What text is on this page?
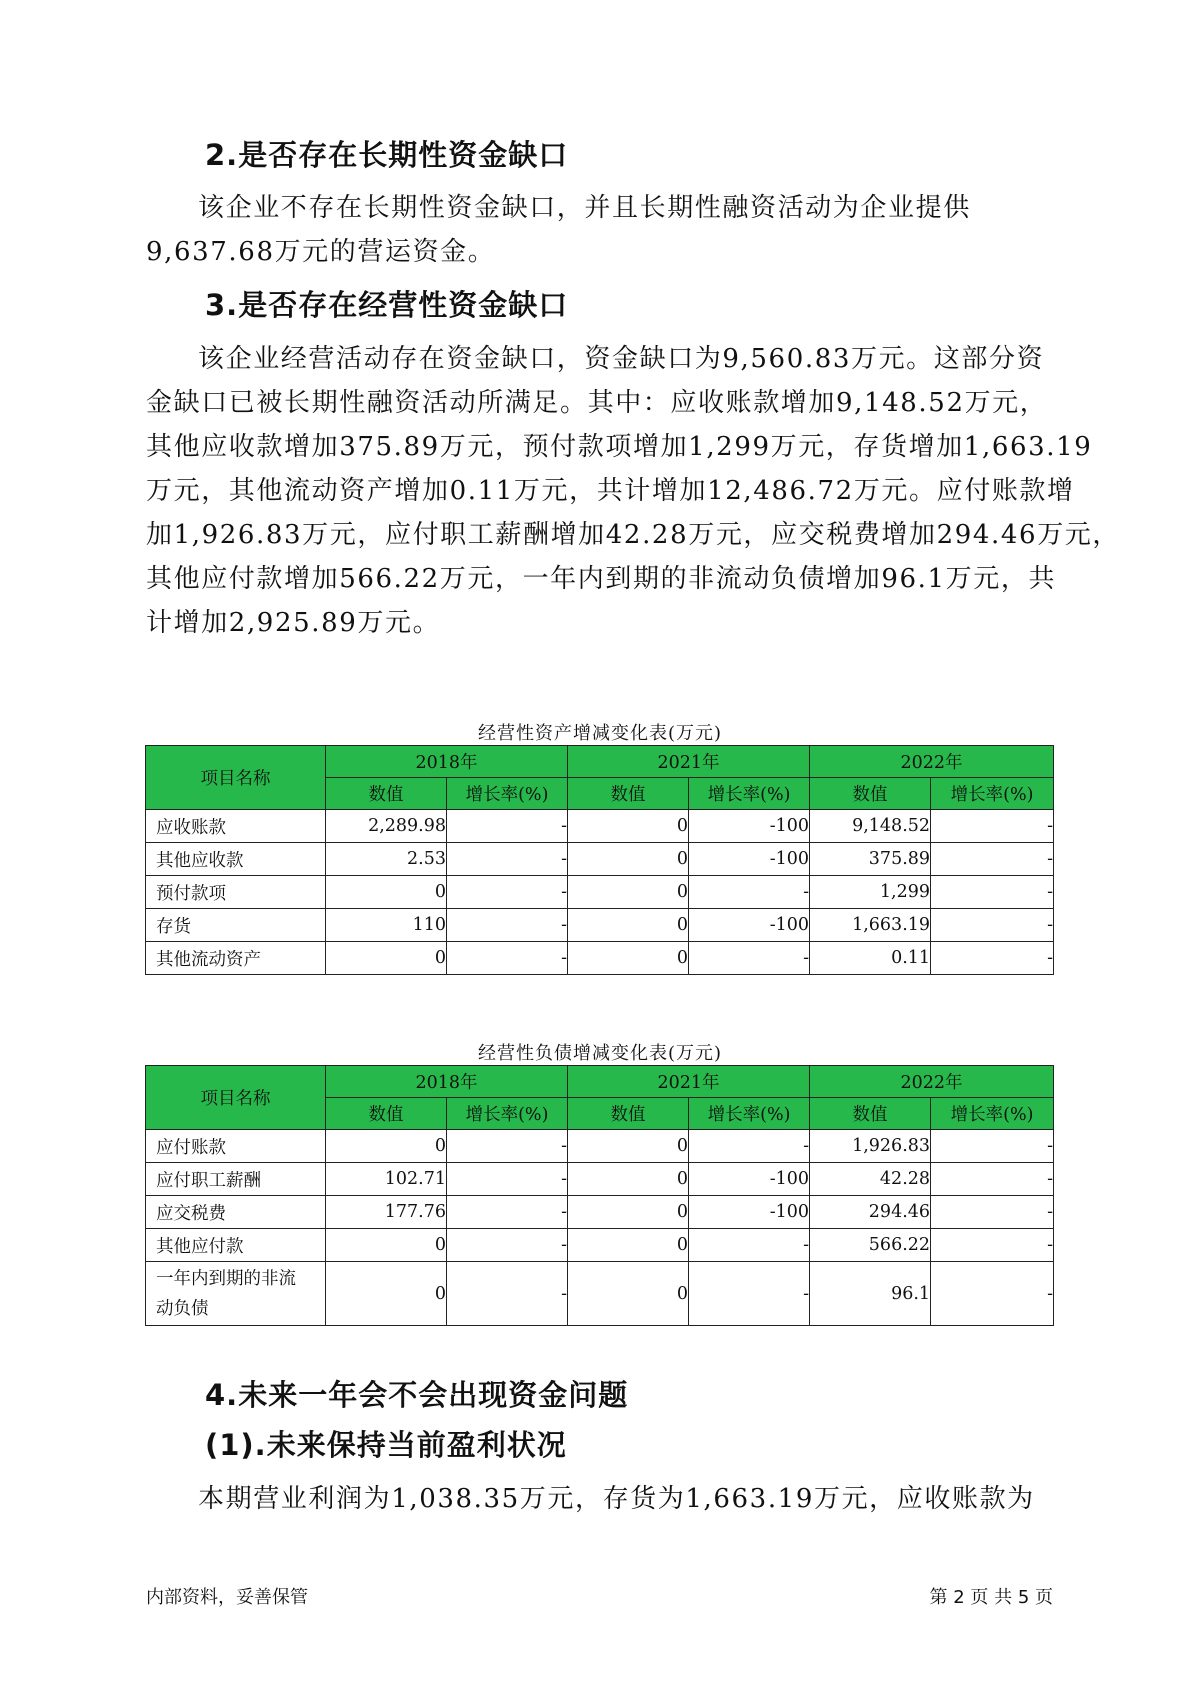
2.是否存在长期性资金缺口
该企业不存在长期性资金缺口，并且长期性融资活动为企业提供
9,637.68万元的营运资金。
3.是否存在经营性资金缺口
该企业经营活动存在资金缺口，资金缺口为9,560.83万元。这部分资
金缺口已被长期性融资活动所满足。其中：应收账款增加9,148.52万元，
其他应收款增加375.89万元，预付款项增加1,299万元，存货增加1,663.19
万元，其他流动资产增加0.11万元，共计增加12,486.72万元。应付账款增
加1,926.83万元，应付职工薪酬增加42.28万元，应交税费增加294.46万元，
其他应付款增加566.22万元，一年内到期的非流动负债增加96.1万元，共
计增加2,925.89万元。
经营性资产增减变化表(万元)
项目名称	2018年		2021年		2022年	
	数值	增长率(%)	数值	增长率(%)	数值	增长率(%)
应收账款	2,289.98	-	0	-100	9,148.52	-
其他应收款	2.53	-	0	-100	375.89	-
预付款项	0	-	0	-	1,299	-
存货	110	-	0	-100	1,663.19	-
其他流动资产	0	-	0	-	0.11	-
经营性负债增减变化表(万元)
项目名称	2018年		2021年		2022年	
	数值	增长率(%)	数值	增长率(%)	数值	增长率(%)
应付账款	0	-	0	-	1,926.83	-
应付职工薪酬	102.71	-	0	-100	42.28	-
应交税费	177.76	-	0	-100	294.46	-
其他应付款	0	-	0	-	566.22	-
一年内到期的非流
动负债	0	-	0	-	96.1	-
4.未来一年会不会出现资金问题
(1).未来保持当前盈利状况
本期营业利润为1,038.35万元，存货为1,663.19万元，应收账款为
内部资料，妥善保管	第 2 页 共 5 页
